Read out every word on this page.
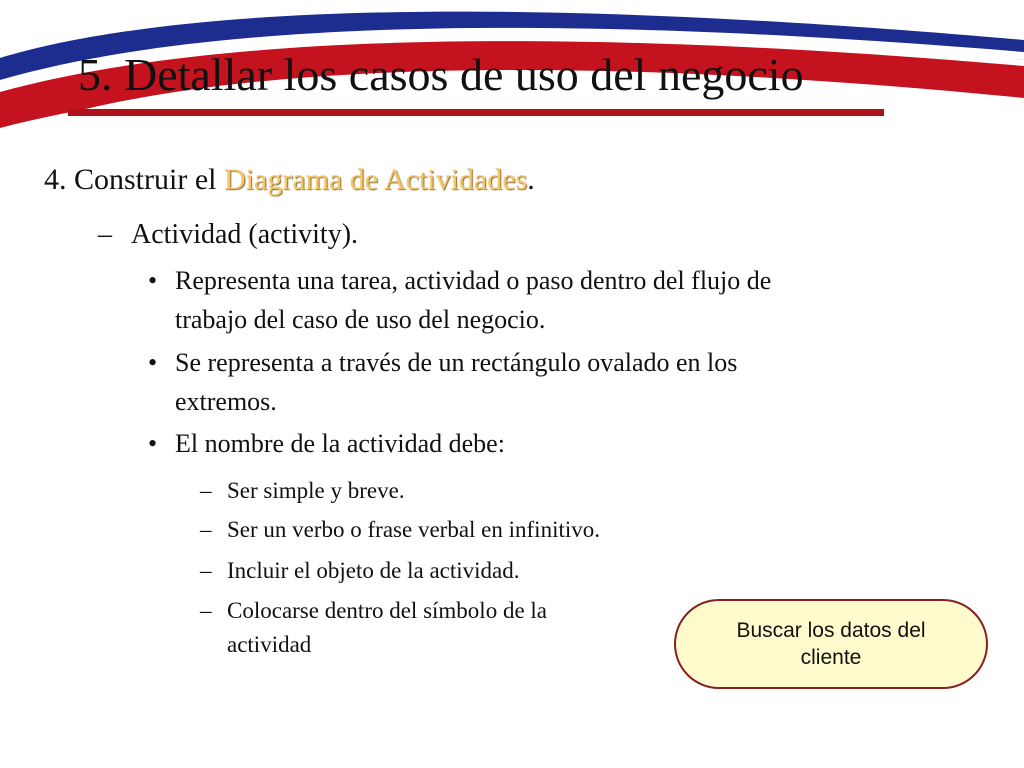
5. Detallar los casos de uso del negocio
4. Construir el Diagrama de Actividades.
– Actividad (activity).
• Representa una tarea, actividad o paso dentro del flujo de
trabajo del caso de uso del negocio.
• Se representa a través de un rectángulo ovalado en los
extremos.
• El nombre de la actividad debe:
– Ser simple y breve.
– Ser un verbo o frase verbal en infinitivo.
– Incluir el objeto de la actividad.
– Colocarse dentro del símbolo de la
actividad
Buscar los datos del cliente
